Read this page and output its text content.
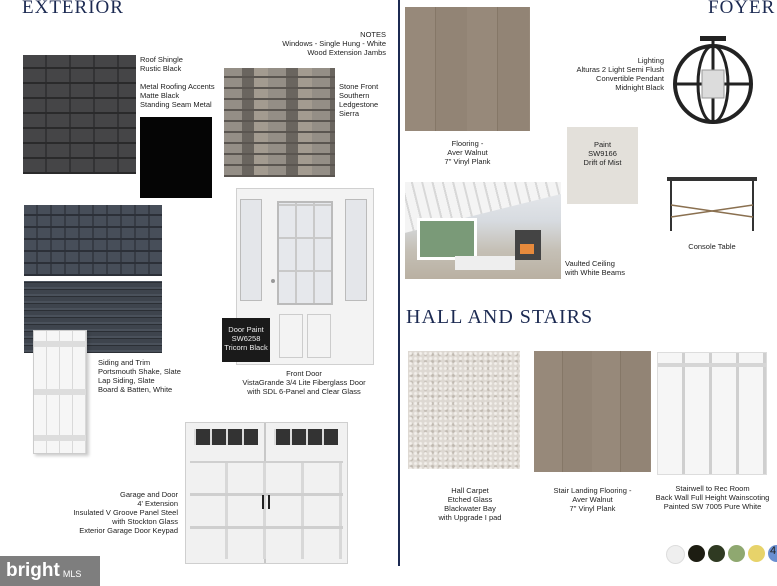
EXTERIOR	FOYER
HALL AND STAIRS
Roof Shingle
Rustic Black
Metal Roofing Accents
Matte Black
Standing Seam Metal
NOTES
Windows - Single Hung - White
Wood Extension Jambs
Stone Front
Southern
Ledgestone
Sierra
Siding and Trim
Portsmouth Shake, Slate
Lap Siding, Slate
Board & Batten, White
Door Paint
SW6258
Tricorn Black
Front Door
VistaGrande 3/4 Lite Fiberglass Door
with SDL 6-Panel and Clear Glass
Garage and Door
4' Extension
Insulated V Groove Panel Steel
with Stockton Glass
Exterior Garage Door Keypad
Flooring -
Aver Walnut
7" Vinyl Plank
Lighting
Alturas 2 Light Semi Flush
Convertible Pendant
Midnight Black
Paint
SW9166
Drift of Mist
Console Table
Vaulted Ceiling
with White Beams
Hall Carpet
Etched Glass
Blackwater Bay
with Upgrade I pad
Stair Landing Flooring -
Aver Walnut
7" Vinyl Plank
Stairwell to Rec Room
Back Wall Full Height Wainscoting
Painted SW 7005 Pure White
4
bright MLS
